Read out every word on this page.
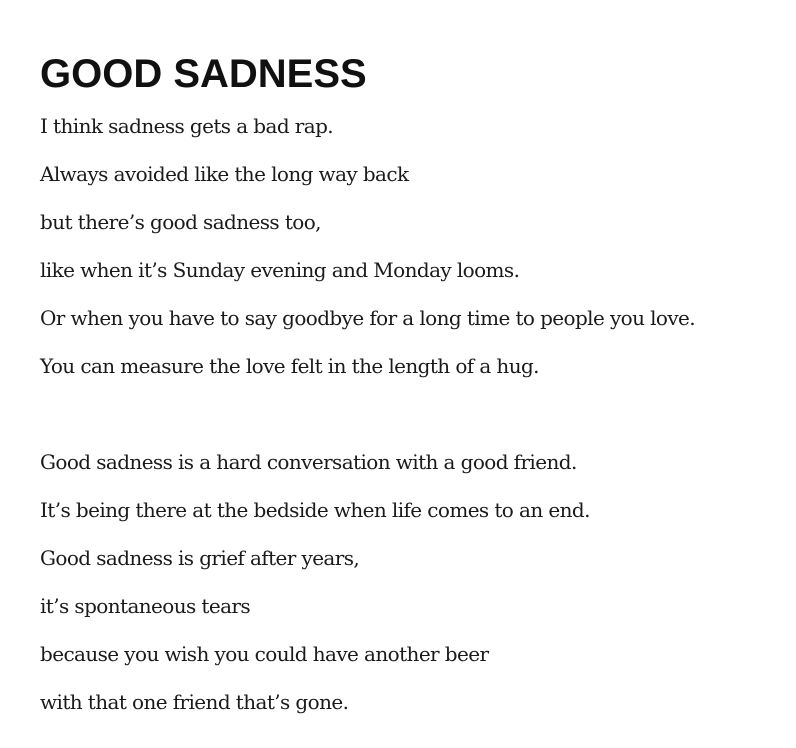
GOOD SADNESS
I think sadness gets a bad rap.
Always avoided like the long way back
but there’s good sadness too,
like when it’s Sunday evening and Monday looms.
Or when you have to say goodbye for a long time to people you love.
You can measure the love felt in the length of a hug.
Good sadness is a hard conversation with a good friend.
It’s being there at the bedside when life comes to an end.
Good sadness is grief after years,
it’s spontaneous tears
because you wish you could have another beer
with that one friend that’s gone.
